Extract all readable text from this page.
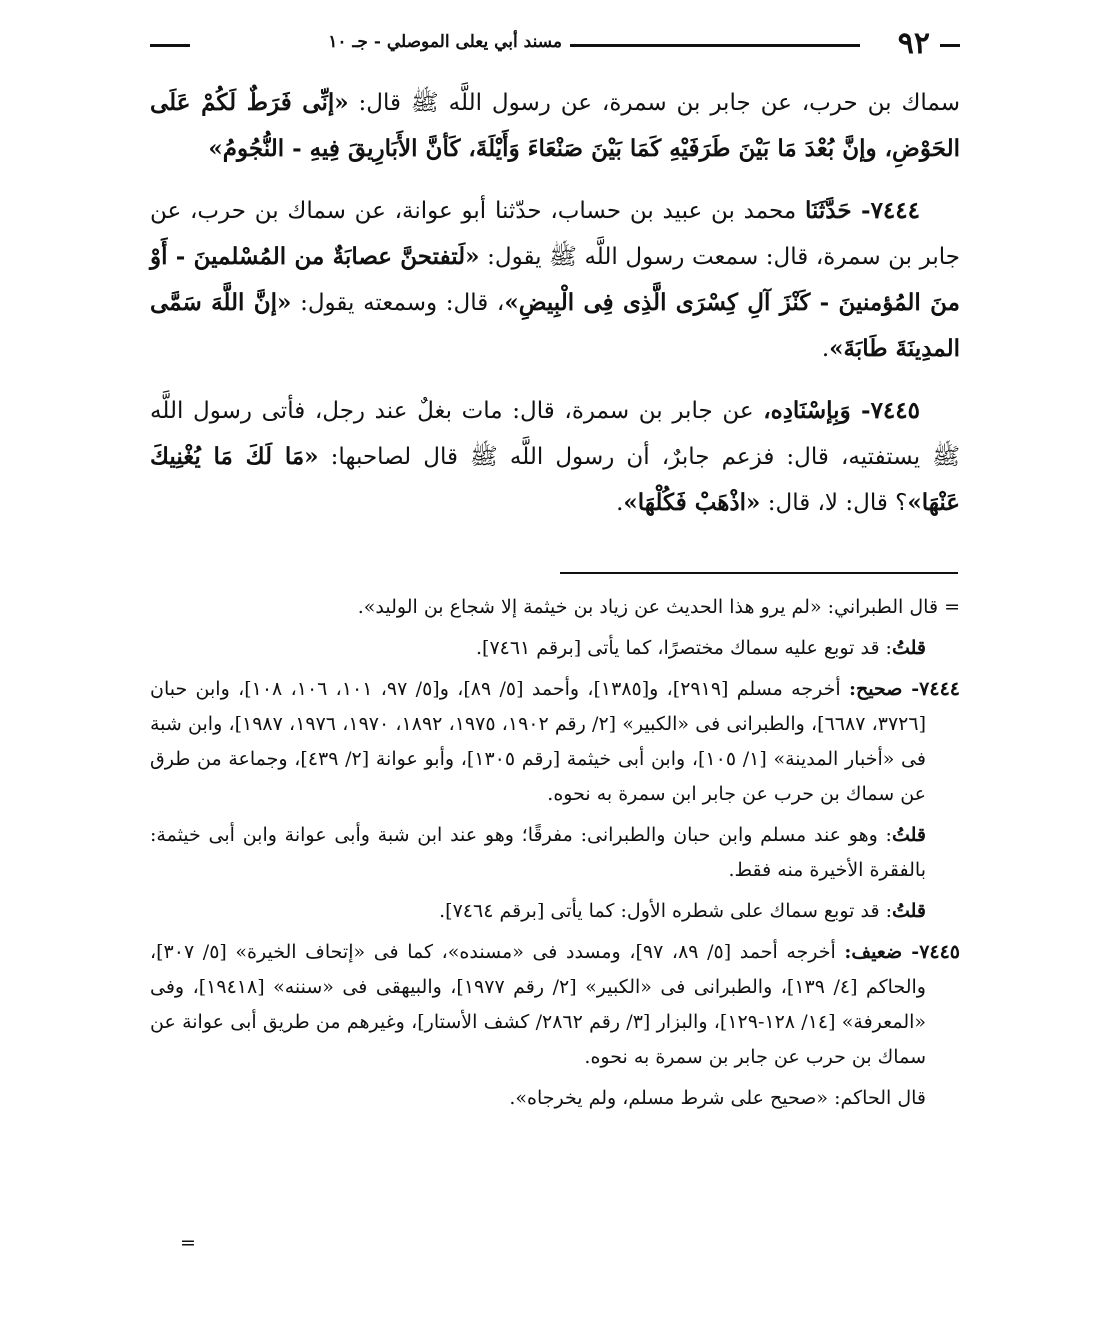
٩٢
مسند أبي يعلى الموصلي - جـ ١٠

سماك بن حرب، عن جابر بن سمرة، عن رسول اللَّه ﷺ قال: «إنِّى فَرَطٌ لَكُمْ عَلَى الحَوْضِ، وإنَّ بُعْدَ مَا بَيْنَ طَرَفَيْهِ كَمَا بَيْنَ صَنْعَاءَ وَأَيْلَةَ، كَأنَّ الأَبَارِيقَ فِيهِ - النُّجُومُ»

٧٤٤٤- حَدَّثَنَا محمد بن عبيد بن حساب، حدّثنا أبو عوانة، عن سماك بن حرب، عن جابر بن سمرة، قال: سمعت رسول اللَّه ﷺ يقول: «لَتفتحنَّ عصابَةٌ من المُسْلمينَ - أَوْ منَ المُؤمنينَ - كَنْزَ آلِ كِسْرَى الَّذِى فِى الْبِيضِ»، قال: وسمعته يقول: «إنَّ اللَّهَ سَمَّى المدِينَةَ طَابَةَ».

٧٤٤٥- وَبِإسْنَادِه، عن جابر بن سمرة، قال: مات بغلٌ عند رجل، فأتى رسول اللَّه ﷺ يستفتيه، قال: فزعم جابرٌ، أن رسول اللَّه ﷺ قال لصاحبها: «مَا لَكَ مَا يُغْنِيكَ عَنْهَا»؟ قال: لا، قال: «اذْهَبْ فَكُلْهَا».

= قال الطبراني: «لم يرو هذا الحديث عن زياد بن خيثمة إلا شجاع بن الوليد».

قلتُ: قد توبع عليه سماك مختصرًا، كما يأتى [برقم ٧٤٦١].

٧٤٤٤- صحيح: أخرجه مسلم [٢٩١٩]، و[١٣٨٥]، وأحمد [٥/ ٨٩]، و[٥/ ٩٧، ١٠١، ١٠٦، ١٠٨]، وابن حبان [٣٧٢٦، ٦٦٨٧]، والطبرانى فى «الكبير» [٢/ رقم ١٩٠٢، ١٩٧٥، ١٨٩٢، ١٩٧٠، ١٩٧٦، ١٩٨٧]، وابن شبة فى «أخبار المدينة» [١/ ١٠٥]، وابن أبى خيثمة [رقم ١٣٠٥]، وأبو عوانة [٢/ ٤٣٩]، وجماعة من طرق عن سماك بن حرب عن جابر ابن سمرة به نحوه.

قلتُ: وهو عند مسلم وابن حبان والطبرانى: مفرقًا؛ وهو عند ابن شبة وأبى عوانة وابن أبى خيثمة: بالفقرة الأخيرة منه فقط.

قلتُ: قد توبع سماك على شطره الأول: كما يأتى [برقم ٧٤٦٤].

٧٤٤٥- ضعيف: أخرجه أحمد [٥/ ٨٩، ٩٧]، ومسدد فى «مسنده»، كما فى «إتحاف الخيرة» [٥/ ٣٠٧]، والحاكم [٤/ ١٣٩]، والطبرانى فى «الكبير» [٢/ رقم ١٩٧٧]، والبيهقى فى «سننه» [١٩٤١٨]، وفى «المعرفة» [١٤/ ١٢٨-١٢٩]، والبزار [٣/ رقم ٢٨٦٢/ كشف الأستار]، وغيرهم من طريق أبى عوانة عن سماك بن حرب عن جابر بن سمرة به نحوه.

قال الحاكم: «صحيح على شرط مسلم، ولم يخرجاه».

=
